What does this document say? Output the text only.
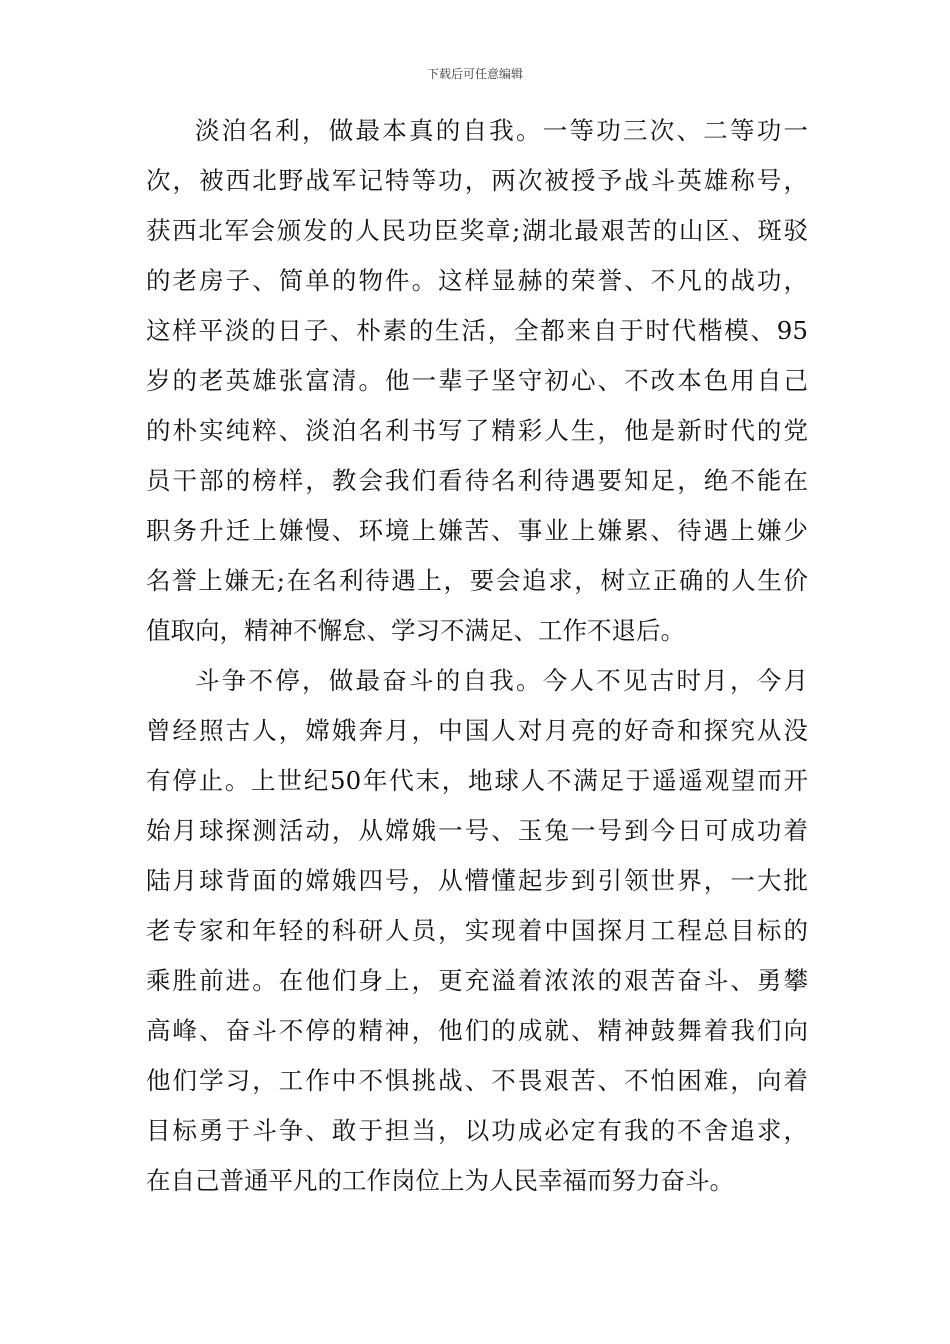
下载后可任意编辑
淡泊名利，做最本真的自我。一等功三次、二等功一
次，被西北野战军记特等功，两次被授予战斗英雄称号，
获西北军会颁发的人民功臣奖章;湖北最艰苦的山区、斑驳
的老房子、简单的物件。这样显赫的荣誉、不凡的战功，
这样平淡的日子、朴素的生活，全都来自于时代楷模、95
岁的老英雄张富清。他一辈子坚守初心、不改本色用自己
的朴实纯粹、淡泊名利书写了精彩人生，他是新时代的党
员干部的榜样，教会我们看待名利待遇要知足，绝不能在
职务升迁上嫌慢、环境上嫌苦、事业上嫌累、待遇上嫌少
名誉上嫌无;在名利待遇上，要会追求，树立正确的人生价
值取向，精神不懈怠、学习不满足、工作不退后。
斗争不停，做最奋斗的自我。今人不见古时月，今月
曾经照古人，嫦娥奔月，中国人对月亮的好奇和探究从没
有停止。上世纪50年代末，地球人不满足于遥遥观望而开
始月球探测活动，从嫦娥一号、玉兔一号到今日可成功着
陆月球背面的嫦娥四号，从懵懂起步到引领世界，一大批
老专家和年轻的科研人员，实现着中国探月工程总目标的
乘胜前进。在他们身上，更充溢着浓浓的艰苦奋斗、勇攀
高峰、奋斗不停的精神，他们的成就、精神鼓舞着我们向
他们学习，工作中不惧挑战、不畏艰苦、不怕困难，向着
目标勇于斗争、敢于担当，以功成必定有我的不舍追求，
在自己普通平凡的工作岗位上为人民幸福而努力奋斗。
